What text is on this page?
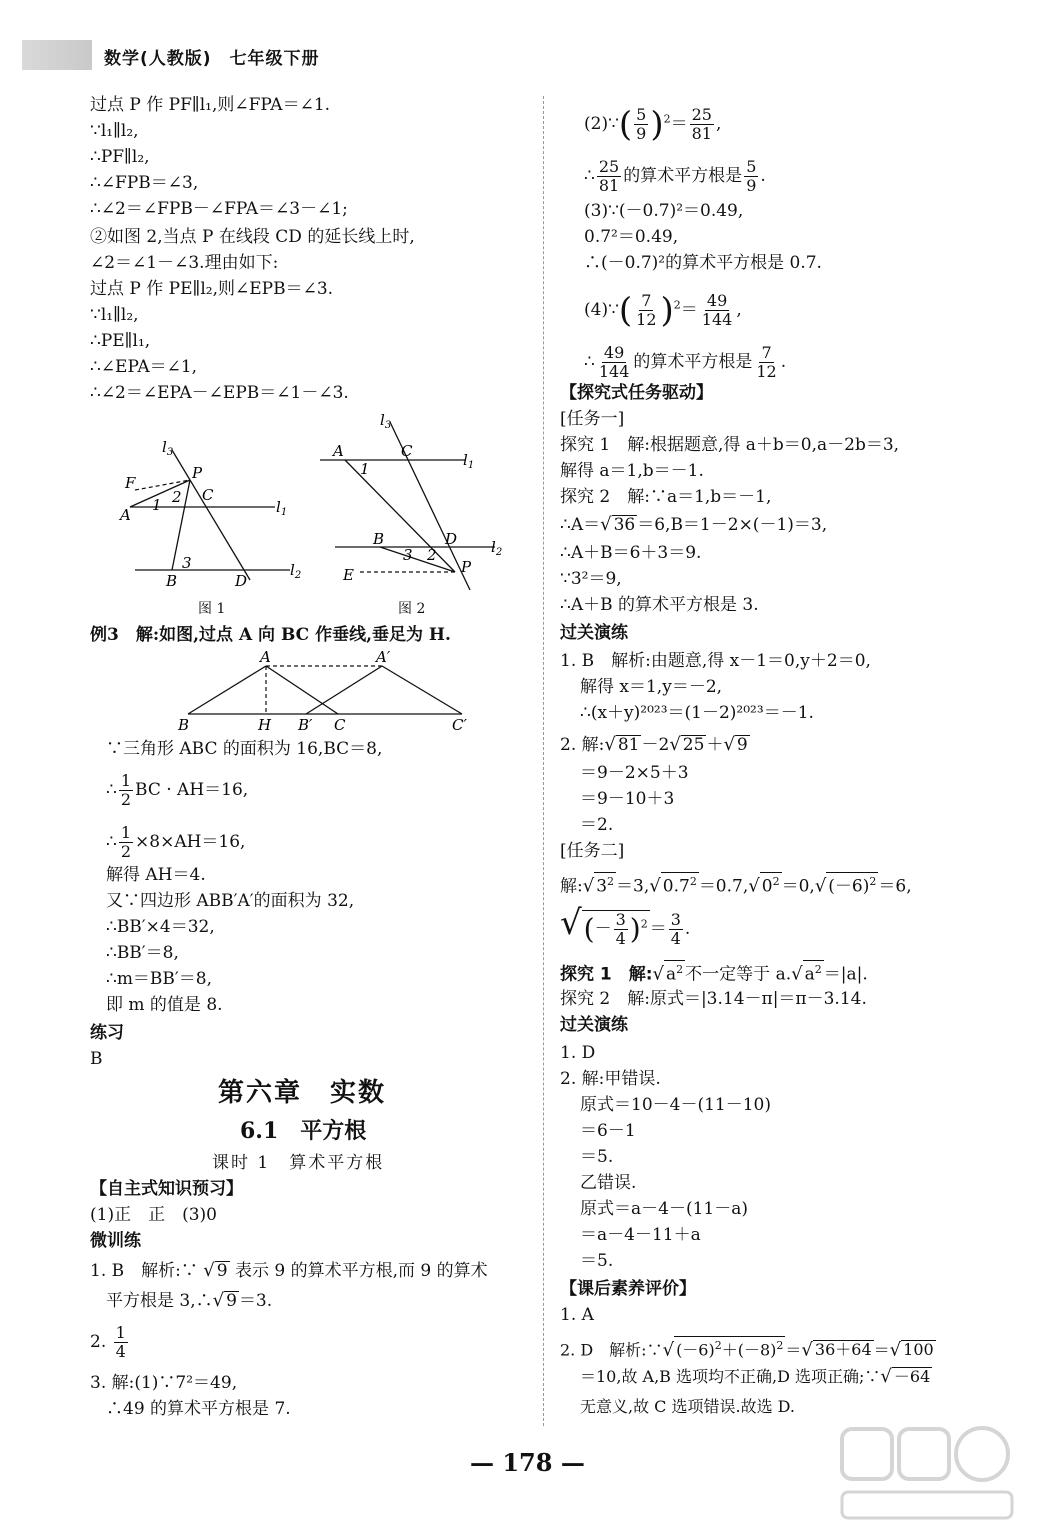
数学(人教版)　七年级下册
过点 P 作 PF∥l₁,则∠FPA＝∠1.
∵l₁∥l₂,
∴PF∥l₂,
∴∠FPB＝∠3,
∴∠2＝∠FPB－∠FPA＝∠3－∠1;
②如图 2,当点 P 在线段 CD 的延长线上时,
∠2＝∠1－∠3.理由如下:
过点 P 作 PE∥l₂,则∠EPB＝∠3.
∵l₁∥l₂,
∴PE∥l₁,
∴∠EPA＝∠1,
∴∠2＝∠EPA－∠EPB＝∠1－∠3.
$l_3$
P
F
C
A
1 2
3
$l_1$
B	D
$l_2$
图 1
$l_3$
A
1
C	$l_1$
B
3 2
D $l_2$
E	P
图 2
例3　解:如图,过点 A 向 BC 作垂线,垂足为 H.
A	A′
B	H B′ C	C′
∵三角形 ABC 的面积为 16,BC＝8,
∴ $\frac{1}{2}$ BC · AH＝16,
∴ $\frac{1}{2} \times 8\times AH=16$,
解得 AH＝4.
又∵四边形 ABB′A′的面积为 32,
∴BB′×4＝32,
∴BB′＝8,
∴m＝BB′＝8,
即 m 的值是 8.
练习
B
第六章　实数
6.1　平方根
课时 1　算术平方根
【自主式知识预习】
(1)正　正　(3)0
微训练
1. B　解析:∵ √ 9 表示 9 的算术平方根,而 9 的算术
平方根是 3,∴√ 9 ＝3.
2. $\frac{1}{4}$
3. 解:(1)∵7²＝49,
∴49 的算术平方根是 7.
(2)∵( $\frac{5}{9} )^2= \frac{25}{81}$ ,
∴ $\frac{25}{81}$ 的算术平方根是 $\frac{5}{9}$ .
(3)∵(－0.7)²＝0.49,
0.7²＝0.49,
∴(－0.7)²的算术平方根是 0.7.
(4)∵( $\frac{7}{12} )^2= \frac{49}{144}$ ,
∴ $\frac{49}{144}$ 的算术平方根是 $\frac{7}{12}$ .
【探究式任务驱动】
[任务一]
探究 1　解:根据题意,得 a＋b＝0,a－2b＝3,
解得 a＝1,b＝－1.
探究 2　解:∵a＝1,b＝－1,
∴A＝√ 36 ＝6,B＝1－2×(－1)＝3,
∴A＋B＝6＋3＝9.
∵3²＝9,
∴A＋B 的算术平方根是 3.
过关演练
1. B　解析:由题意,得 x－1＝0,y＋2＝0,
解得 x＝1,y＝－2,
∴(x＋y)²⁰²³＝(1－2)²⁰²³＝－1.
2. 解:√ 81 －2√ 25 ＋√ 9
＝9－2×5＋3
＝9－10＋3
＝2.
[任务二]
解:√ $3^2 =3,√$ $0.7^2 =0.7,√$ $0^2 =0,√$ $(-6)^2 =6$,
√(－ $\frac{3}{4} )^2 = \frac{3}{4}$ .
探究 1　解:√ $a^2$ 不一定等于 a.√ $a^2 =|a|$.
探究 2　解:原式＝|3.14－π|＝π－3.14.
过关演练
1. D
2. 解:甲错误.
原式＝10－4－(11－10)
＝6－1
＝5.
乙错误.
原式＝a－4－(11－a)
＝a－4－11＋a
＝5.
【课后素养评价】
1. A
2. D　解析:∵√ $(-6)^2+(-8)^2$ ＝√ 36＋64 ＝√ 100
＝10,故 A,B 选项均不正确,D 选项正确;∵√ －64
无意义,故 C 选项错误.故选 D.
— 178 —
